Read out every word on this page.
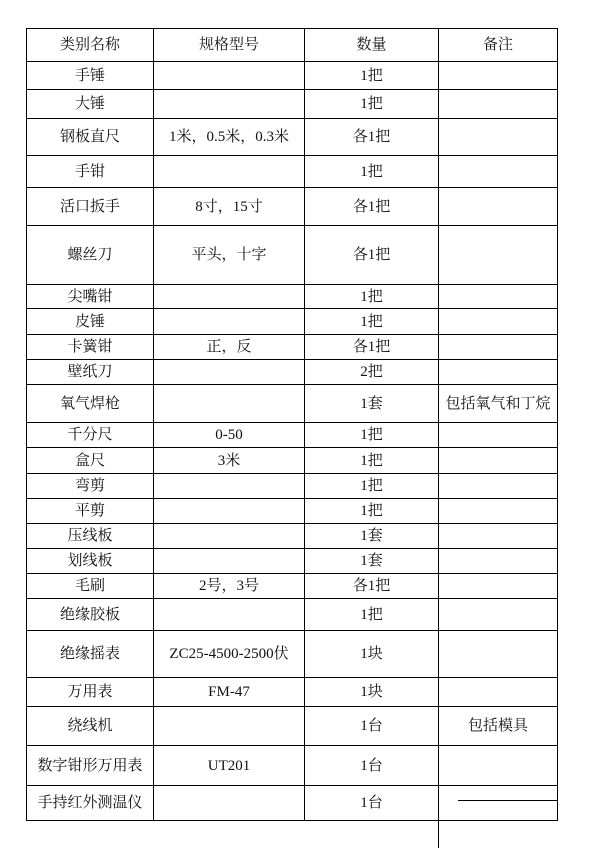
类别名称	规格型号	数量	备注
手锤		1把	
大锤		1把	
钢板直尺	1米，0.5米，0.3米	各1把	
手钳		1把	
活口扳手	8寸，15寸	各1把	
螺丝刀	平头，十字	各1把	
尖嘴钳		1把	
皮锤		1把	
卡簧钳	正，反	各1把	
壁纸刀		2把	
氧气焊枪		1套	包括氧气和丁烷
千分尺	0-50	1把	
盒尺	3米	1把	
弯剪		1把	
平剪		1把	
压线板		1套	
划线板		1套	
毛刷	2号，3号	各1把	
绝缘胶板		1把	
绝缘摇表	ZC25-4500-2500伏	1块	
万用表	FM-47	1块	
绕线机		1台	包括模具
数字钳形万用表	UT201	1台	
手持红外测温仪		1台	
